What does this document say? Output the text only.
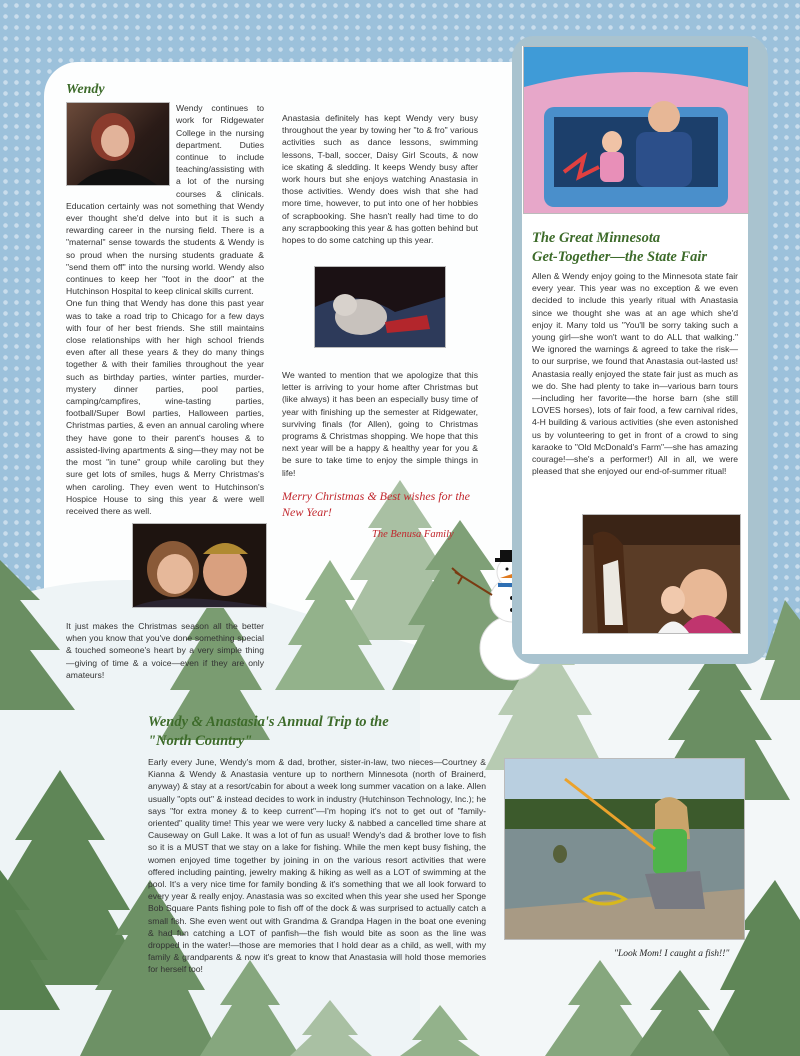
Wendy

Wendy continues to work for Ridgewater College in the nursing department. Duties continue to include teaching/assisting with a lot of the nursing courses & clinicals. Education certainly was not something that Wendy ever thought she'd delve into but it is such a rewarding career in the nursing field. There is a "maternal" sense towards the students & Wendy is so proud when the nursing students graduate & "send them off" into the nursing world. Wendy also continues to keep her "foot in the door" at the Hutchinson Hospital to keep clinical skills current.

One fun thing that Wendy has done this past year was to take a road trip to Chicago for a few days with four of her best friends. She still maintains close relationships with her high school friends even after all these years & they do many things together & with their families throughout the year such as birthday parties, winter parties, murder-mystery dinner parties, pool parties, camping/campfires, wine-tasting parties, football/Super Bowl parties, Halloween parties, Christmas parties, & even an annual caroling where they have gone to their parent's houses & to assisted-living apartments & sing—they may not be the most "in tune" group while caroling but they sure get lots of smiles, hugs & Merry Christmas's when caroling. They even went to Hutchinson's Hospice House to sing this year & were well received there as well.

It just makes the Christmas season all the better when you know that you've done something special & touched someone's heart by a very simple thing—giving of time & a voice—even if they are only amateurs!

Anastasia definitely has kept Wendy very busy throughout the year by towing her "to & fro" various activities such as dance lessons, swimming lessons, T-ball, soccer, Daisy Girl Scouts, & now ice skating & sledding. It keeps Wendy busy after work hours but she enjoys watching Anastasia in those activities. Wendy does wish that she had more time, however, to put into one of her hobbies of scrapbooking. She hasn't really had time to do any scrapbooking this year & has gotten behind but hopes to do some catching up this year.

We wanted to mention that we apologize that this letter is arriving to your home after Christmas but (like always) it has been an especially busy time of year with finishing up the semester at Ridgewater, surviving finals (for Allen), going to Christmas programs & Christmas shopping. We hope that this next year will be a happy & healthy year for you & be sure to take time to enjoy the simple things in life!

Merry Christmas & Best wishes for the New Year!
The Benusa Family
The Great Minnesota
Get-Together—the State Fair

Allen & Wendy enjoy going to the Minnesota state fair every year. This year was no exception & we even decided to include this yearly ritual with Anastasia since we thought she was at an age which she'd enjoy it. Many told us "You'll be sorry taking such a young girl—she won't want to do ALL that walking." We ignored the warnings & agreed to take the risk—to our surprise, we found that Anastasia out-lasted us! Anastasia really enjoyed the state fair just as much as we do. She had plenty to take in—various barn tours—including her favorite—the horse barn (she still LOVES horses), lots of fair food, a few carnival rides, 4-H building & various activities (she even astonished us by volunteering to get in front of a crowd to sing karaoke to "Old McDonald's Farm"—she has amazing courage!—she's a performer!) All in all, we were pleased that she enjoyed our end-of-summer ritual!

Wendy & Anastasia's Annual Trip to the
"North Country"

Early every June, Wendy's mom & dad, brother, sister-in-law, two nieces—Courtney & Kianna & Wendy & Anastasia venture up to northern Minnesota (north of Brainerd, anyway) & stay at a resort/cabin for about a week long summer vacation on a lake. Allen usually "opts out" & instead decides to work in industry (Hutchinson Technology, Inc.); he says "for extra money & to keep current"—I'm hoping it's not to get out of "family-oriented" quality time! This year we were very lucky & nabbed a cancelled time share at Causeway on Gull Lake. It was a lot of fun as usual! Wendy's dad & brother love to fish so it is a MUST that we stay on a lake for fishing. While the men kept busy fishing, the women enjoyed time together by joining in on the various resort activities that were offered including painting, jewelry making & hiking as well as a LOT of swimming at the pool. It's a very nice time for family bonding & it's something that we all look forward to every year & really enjoy. Anastasia was so excited when this year she used her Sponge Bob Square Pants fishing pole to fish off of the dock & was surprised to actually catch a small fish. She even went out with Grandma & Grandpa Hagen in the boat one evening & had fun catching a LOT of panfish—the fish would bite as soon as the line was dropped in the water!—those are memories that I hold dear as a child, as well, with my family & grandparents & now it's great to know that Anastasia will hold those memories for herself too!

"Look Mom! I caught a fish!!"
